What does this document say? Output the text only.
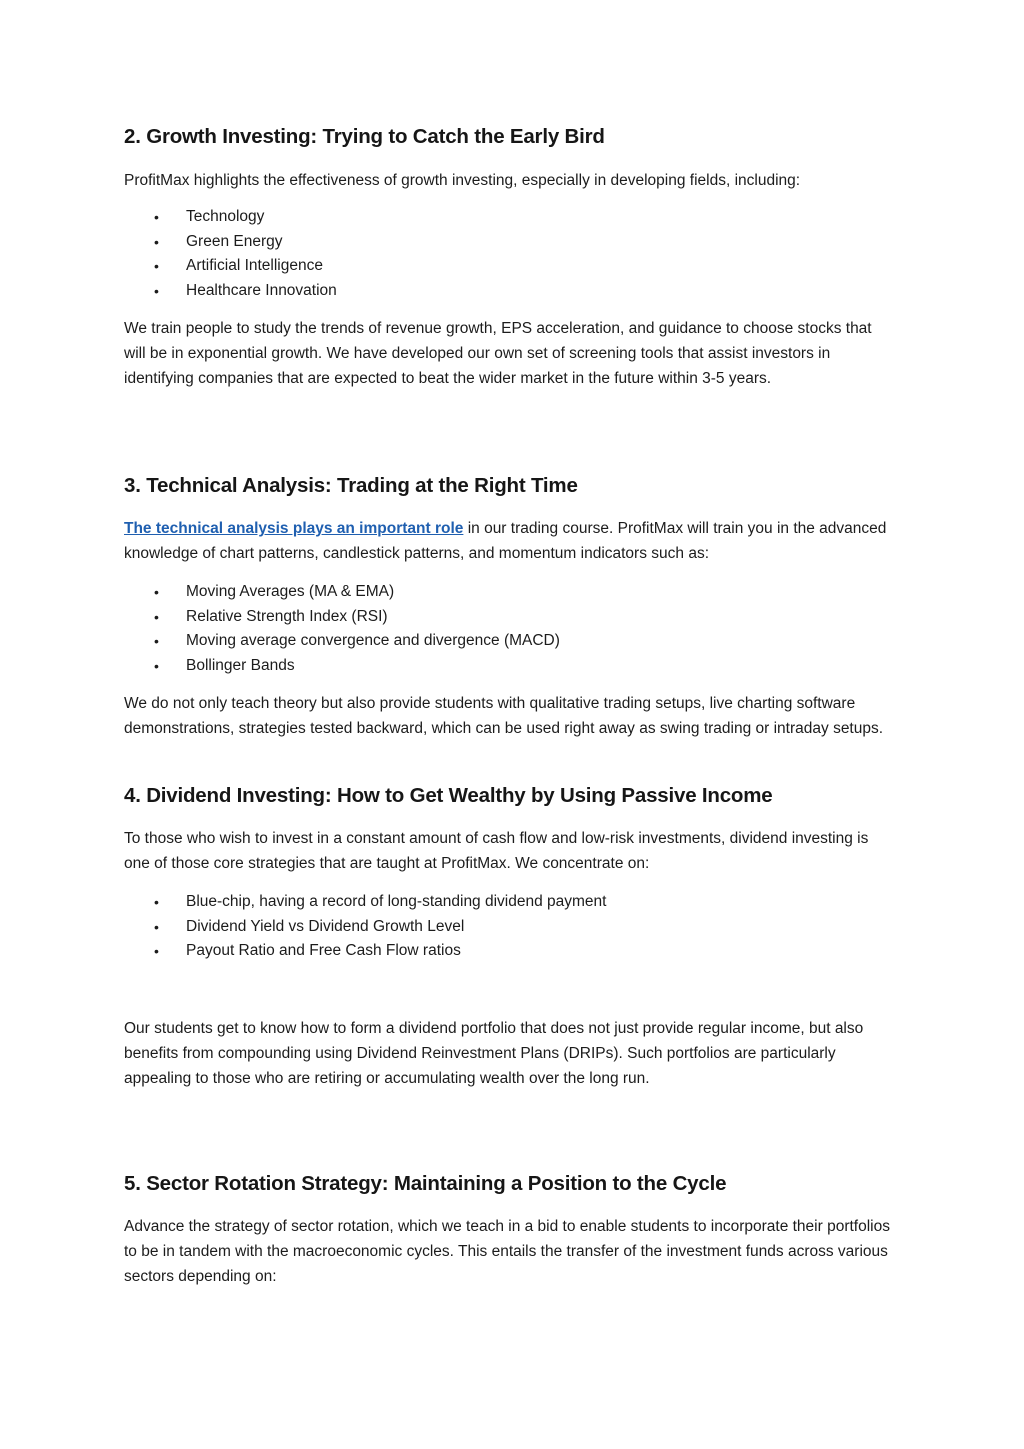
2. Growth Investing: Trying to Catch the Early Bird

ProfitMax highlights the effectiveness of growth investing, especially in developing fields, including:

• Technology
• Green Energy
• Artificial Intelligence
• Healthcare Innovation

We train people to study the trends of revenue growth, EPS acceleration, and guidance to choose stocks that will be in exponential growth. We have developed our own set of screening tools that assist investors in identifying companies that are expected to beat the wider market in the future within 3-5 years.

3. Technical Analysis: Trading at the Right Time

The technical analysis plays an important role in our trading course. ProfitMax will train you in the advanced knowledge of chart patterns, candlestick patterns, and momentum indicators such as:

• Moving Averages (MA & EMA)
• Relative Strength Index (RSI)
• Moving average convergence and divergence (MACD)
• Bollinger Bands

We do not only teach theory but also provide students with qualitative trading setups, live charting software demonstrations, strategies tested backward, which can be used right away as swing trading or intraday setups.

4. Dividend Investing: How to Get Wealthy by Using Passive Income

To those who wish to invest in a constant amount of cash flow and low-risk investments, dividend investing is one of those core strategies that are taught at ProfitMax. We concentrate on:

• Blue-chip, having a record of long-standing dividend payment
• Dividend Yield vs Dividend Growth Level
• Payout Ratio and Free Cash Flow ratios

Our students get to know how to form a dividend portfolio that does not just provide regular income, but also benefits from compounding using Dividend Reinvestment Plans (DRIPs). Such portfolios are particularly appealing to those who are retiring or accumulating wealth over the long run.

5. Sector Rotation Strategy: Maintaining a Position to the Cycle

Advance the strategy of sector rotation, which we teach in a bid to enable students to incorporate their portfolios to be in tandem with the macroeconomic cycles. This entails the transfer of the investment funds across various sectors depending on:
